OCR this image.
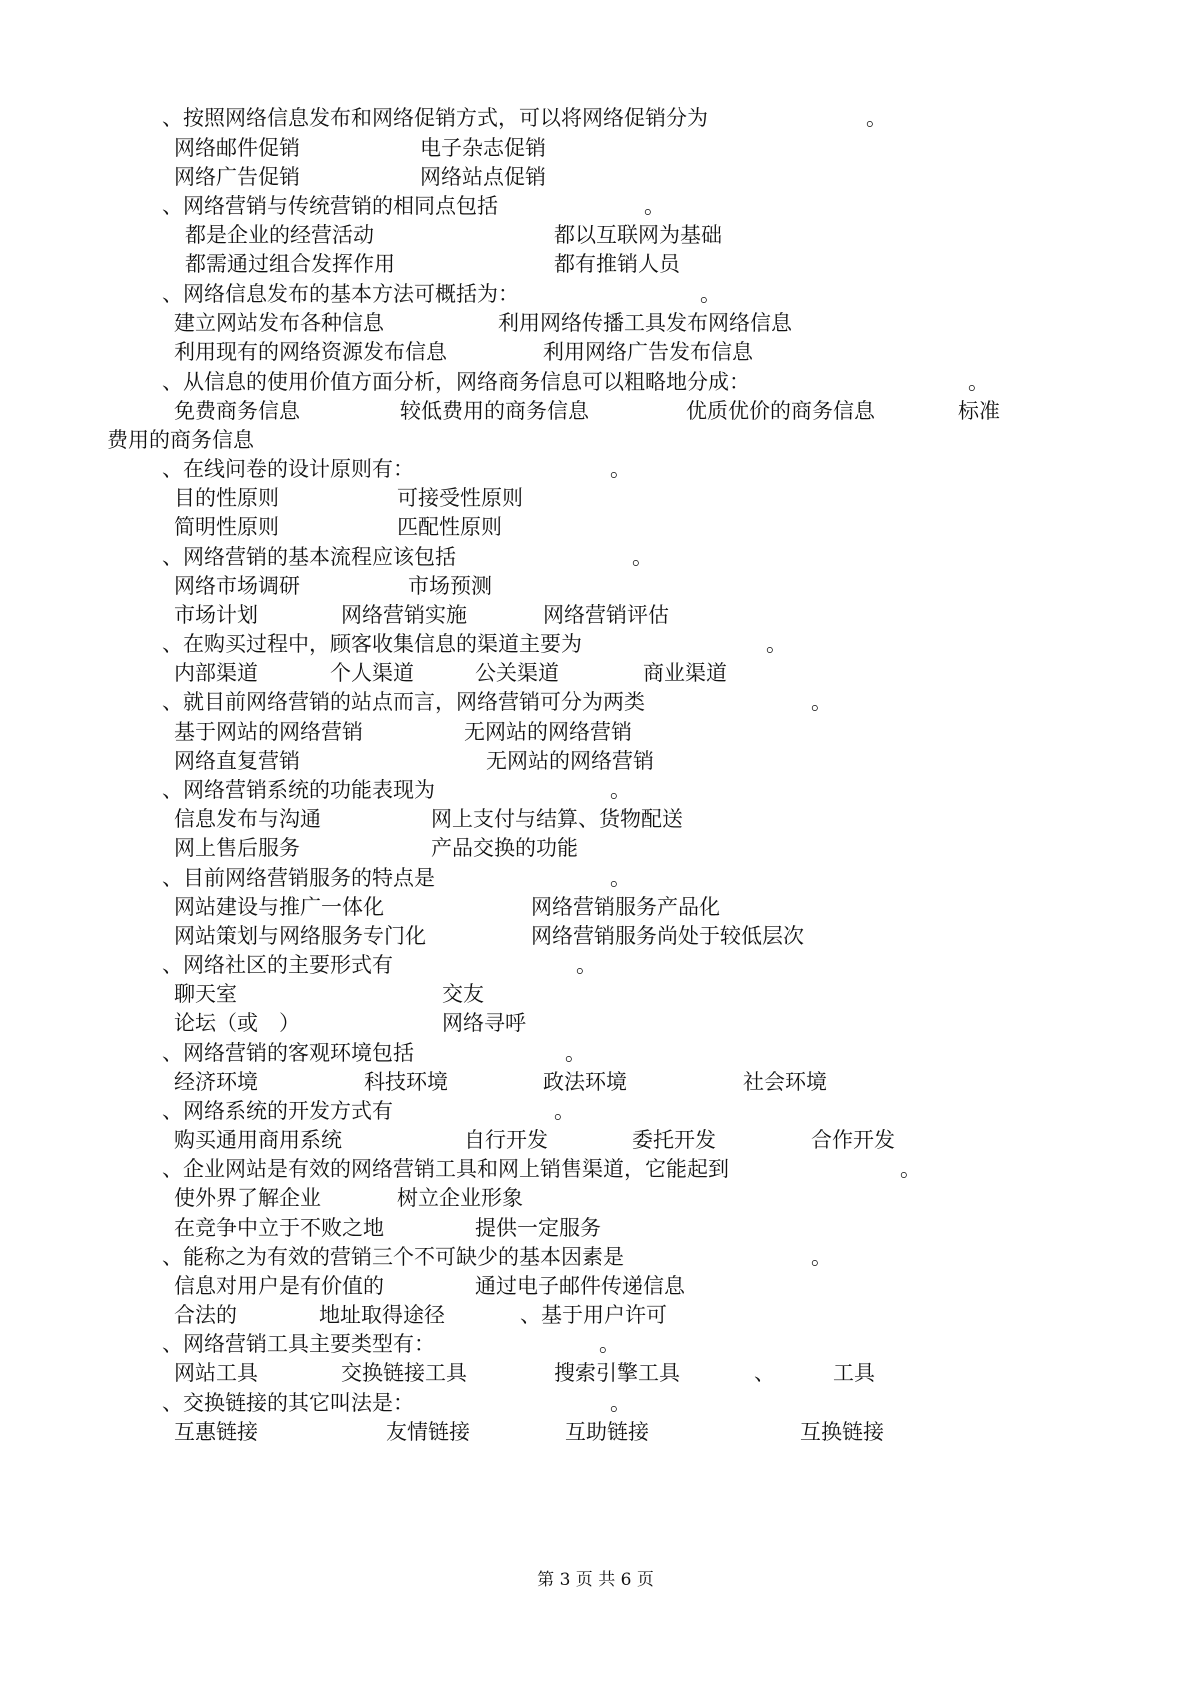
、按照网络信息发布和网络促销方式，可以将网络促销分为	。
网络邮件促销	电子杂志促销
网络广告促销	网络站点促销
、网络营销与传统营销的相同点包括	。
都是企业的经营活动	都以互联网为基础
都需通过组合发挥作用	都有推销人员
、网络信息发布的基本方法可概括为：	。
建立网站发布各种信息	利用网络传播工具发布网络信息
利用现有的网络资源发布信息	利用网络广告发布信息
、从信息的使用价值方面分析，网络商务信息可以粗略地分成：	。
免费商务信息	较低费用的商务信息	优质优价的商务信息	标准
费用的商务信息
、在线问卷的设计原则有：	。
目的性原则	可接受性原则
简明性原则	匹配性原则
、网络营销的基本流程应该包括	。
网络市场调研	市场预测
市场计划	网络营销实施	网络营销评估
、在购买过程中，顾客收集信息的渠道主要为	。
内部渠道	个人渠道	公关渠道	商业渠道
、就目前网络营销的站点而言，网络营销可分为两类	。
基于网站的网络营销	无网站的网络营销
网络直复营销	无网站的网络营销
、网络营销系统的功能表现为	。
信息发布与沟通	网上支付与结算、货物配送
网上售后服务	产品交换的功能
、目前网络营销服务的特点是	。
网站建设与推广一体化	网络营销服务产品化
网站策划与网络服务专门化	网络营销服务尚处于较低层次
、网络社区的主要形式有	。
聊天室	交友
论坛（或　）	网络寻呼
、网络营销的客观环境包括	。
经济环境	科技环境	政法环境	社会环境
、网络系统的开发方式有	。
购买通用商用系统	自行开发	委托开发	合作开发
、企业网站是有效的网络营销工具和网上销售渠道，它能起到	。
使外界了解企业	树立企业形象
在竞争中立于不败之地	提供一定服务
、能称之为有效的营销三个不可缺少的基本因素是	。
信息对用户是有价值的	通过电子邮件传递信息
合法的	地址取得途径	、基于用户许可
、网络营销工具主要类型有：	。
网站工具	交换链接工具	搜索引擎工具	、	工具
、交换链接的其它叫法是：	。
互惠链接	友情链接	互助链接	互换链接
第 3 页 共 6 页
